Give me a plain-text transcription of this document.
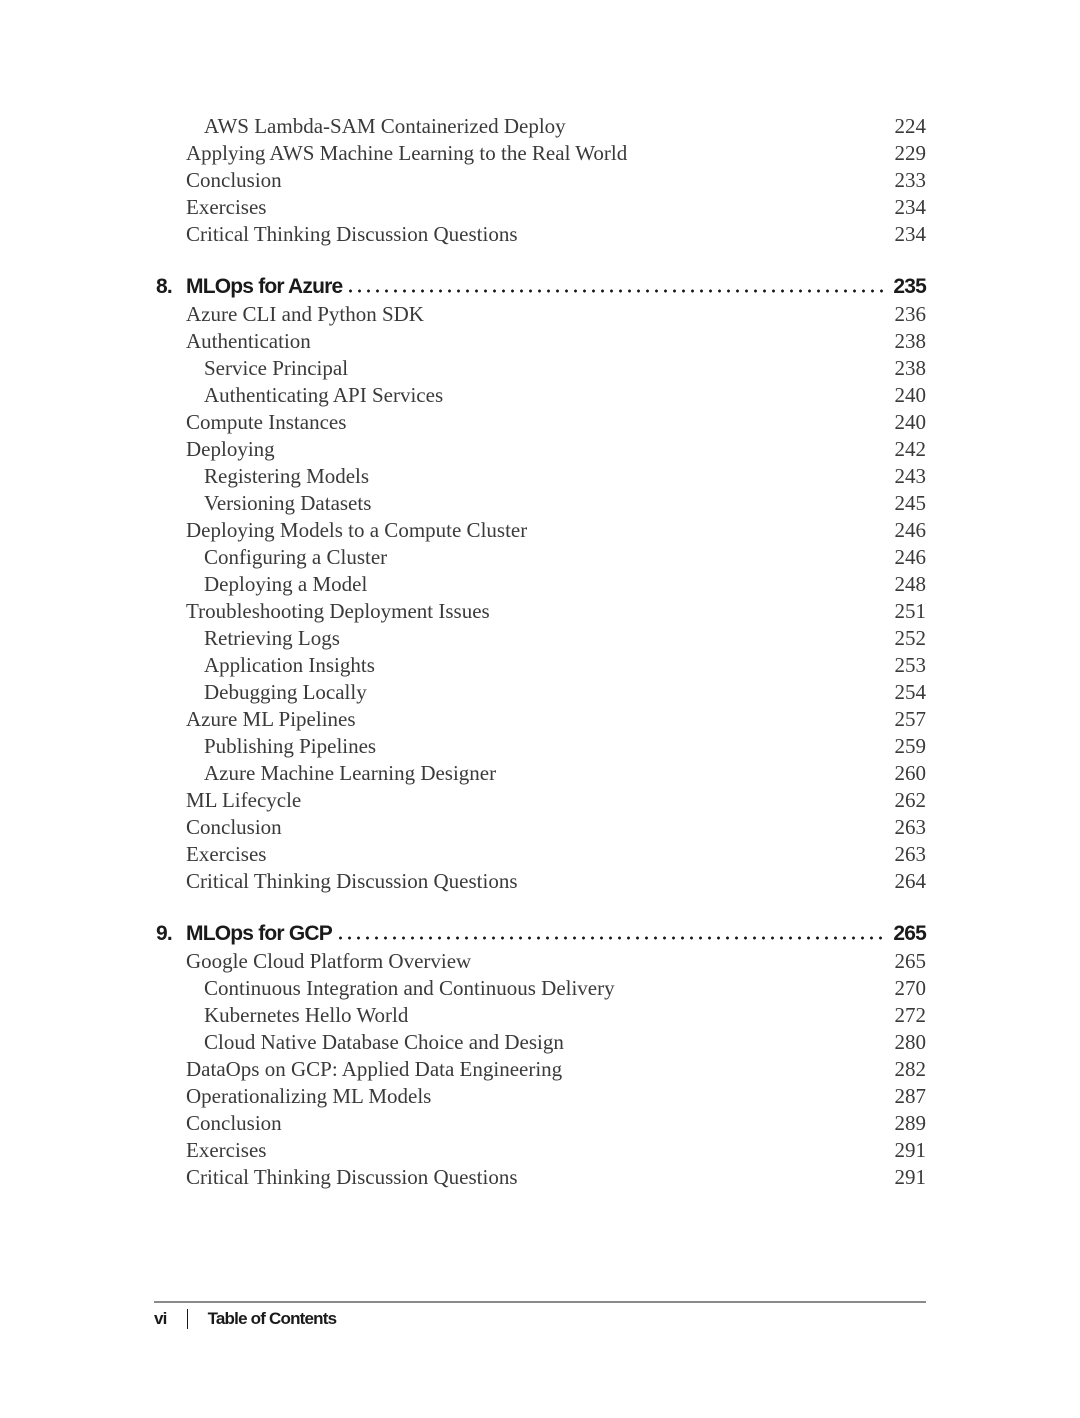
AWS Lambda-SAM Containerized Deploy	224
Applying AWS Machine Learning to the Real World	229
Conclusion	233
Exercises	234
Critical Thinking Discussion Questions	234
8. MLOps for Azure	235
Azure CLI and Python SDK	236
Authentication	238
Service Principal	238
Authenticating API Services	240
Compute Instances	240
Deploying	242
Registering Models	243
Versioning Datasets	245
Deploying Models to a Compute Cluster	246
Configuring a Cluster	246
Deploying a Model	248
Troubleshooting Deployment Issues	251
Retrieving Logs	252
Application Insights	253
Debugging Locally	254
Azure ML Pipelines	257
Publishing Pipelines	259
Azure Machine Learning Designer	260
ML Lifecycle	262
Conclusion	263
Exercises	263
Critical Thinking Discussion Questions	264
9. MLOps for GCP	265
Google Cloud Platform Overview	265
Continuous Integration and Continuous Delivery	270
Kubernetes Hello World	272
Cloud Native Database Choice and Design	280
DataOps on GCP: Applied Data Engineering	282
Operationalizing ML Models	287
Conclusion	289
Exercises	291
Critical Thinking Discussion Questions	291
vi Table of Contents
